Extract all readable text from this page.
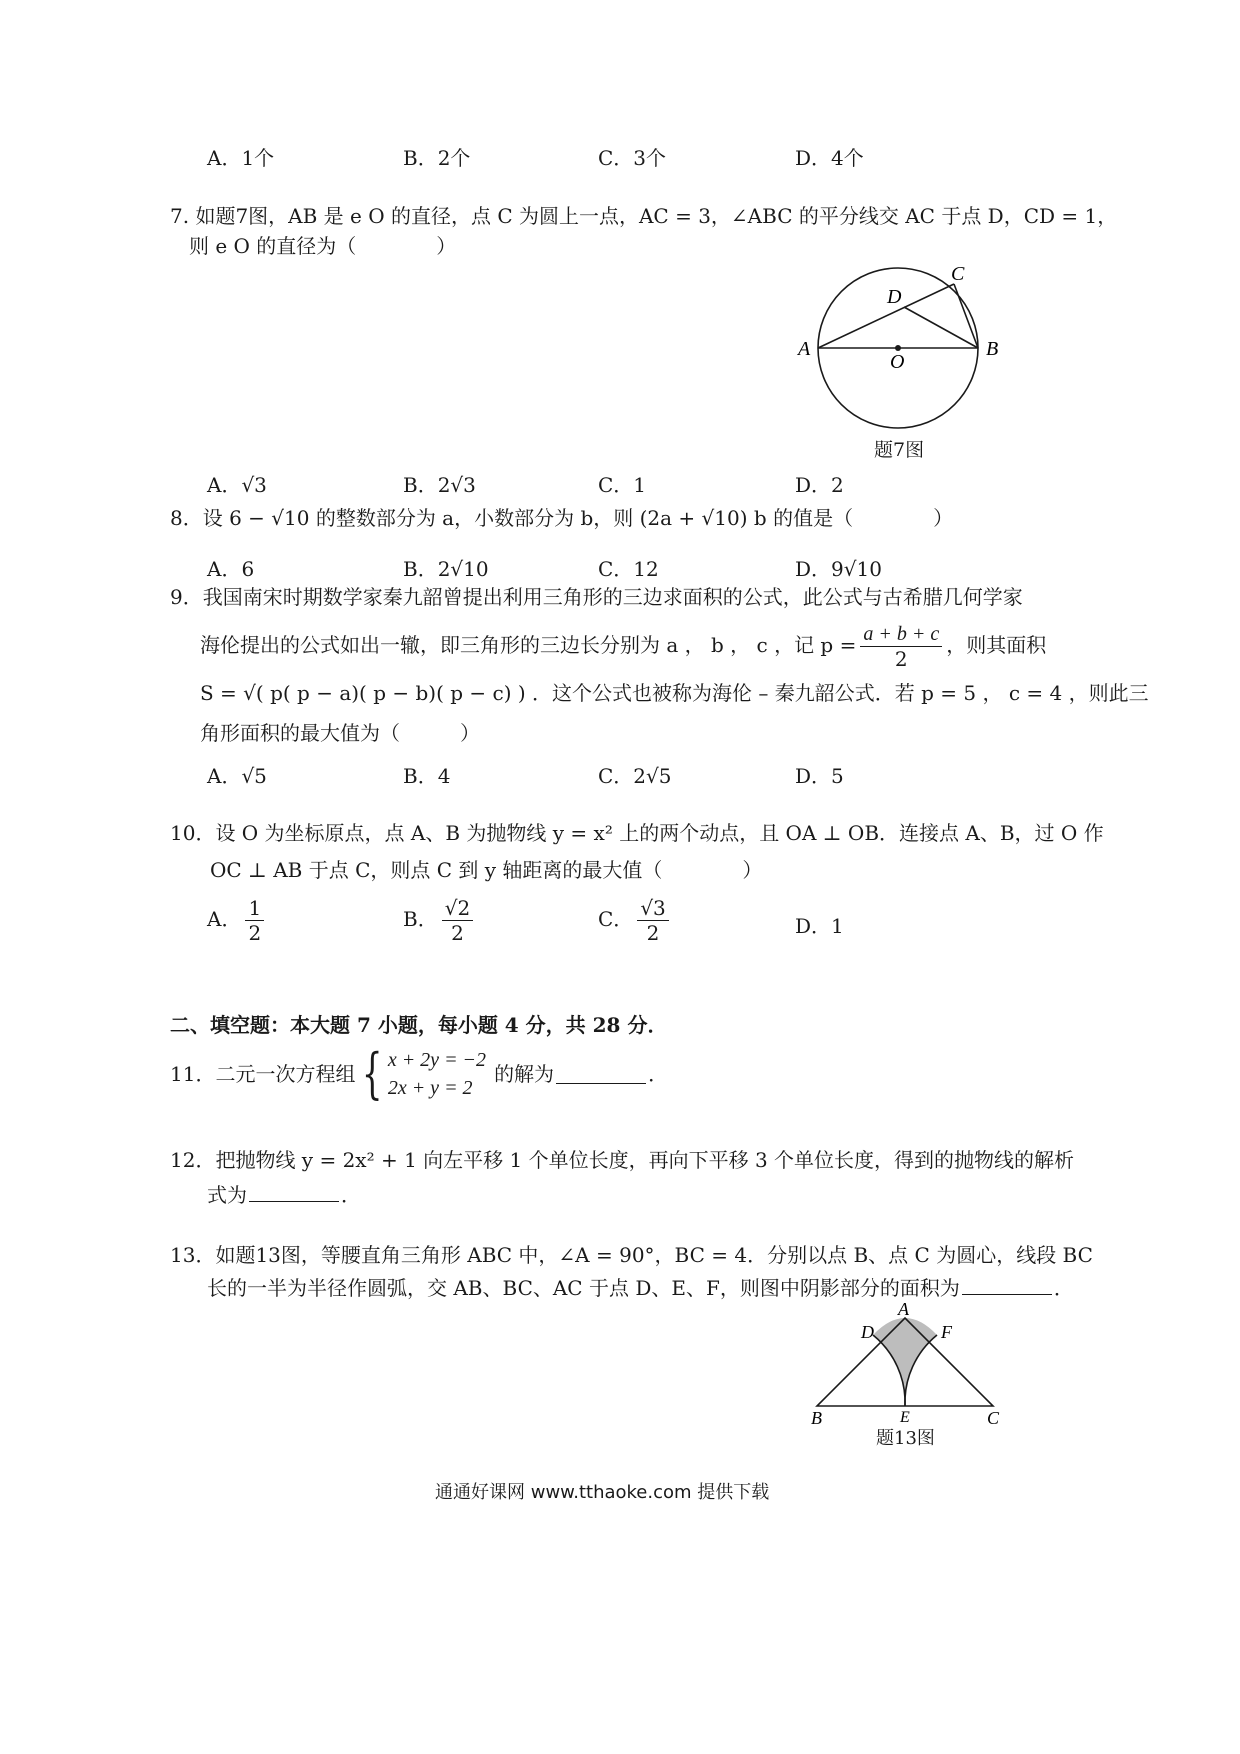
A．1个	B．2个	C．3个	D．4个
7. 如题7图，AB 是 e O 的直径，点 C 为圆上一点，AC = 3，∠ABC 的平分线交 AC 于点 D，CD = 1，
则 e O 的直径为（　　　　）
A	B
C
D
O
题7图
A．√3	B．2√3	C．1	D．2
8．设 6 − √10 的整数部分为 a，小数部分为 b，则 (2a + √10) b 的值是（　　　　）
A．6	B．2√10	C．12	D．9√10
9．我国南宋时期数学家秦九韶曾提出利用三角形的三边求面积的公式，此公式与古希腊几何学家
海伦提出的公式如出一辙，即三角形的三边长分别为 a ， b ， c ，记 $p = \frac{a + b + c}{2}$ ，则其面积
S = √( p( p − a)( p − b)( p − c) ) ．这个公式也被称为海伦 – 秦九韶公式．若 p = 5 ， c = 4 ，则此三
角形面积的最大值为（　　　）
A．√5	B．4	C．2√5	D．5
10．设 O 为坐标原点，点 A、B 为抛物线 y = x² 上的两个动点，且 OA ⊥ OB．连接点 A、B，过 O 作
OC ⊥ AB 于点 C，则点 C 到 y 轴距离的最大值（　　　　）
A． $\frac{1}{2}$	B． $\frac{√2}{2}$	C． $\frac{√3}{2}$	D．1
二、填空题：本大题 7 小题，每小题 4 分，共 28 分．
11．二元一次方程组 { x + 2y = −2
2x + y = 2
的解为	．
12．把抛物线 y = 2x² + 1 向左平移 1 个单位长度，再向下平移 3 个单位长度，得到的抛物线的解析
式为	．
13．如题13图，等腰直角三角形 ABC 中，∠A = 90°，BC = 4．分别以点 B、点 C 为圆心，线段 BC
长的一半为半径作圆弧，交 AB、BC、AC 于点 D、E、F，则图中阴影部分的面积为	．
A
B	C
D
E
F
题13图
通通好课网 www.tthaoke.com 提供下载
